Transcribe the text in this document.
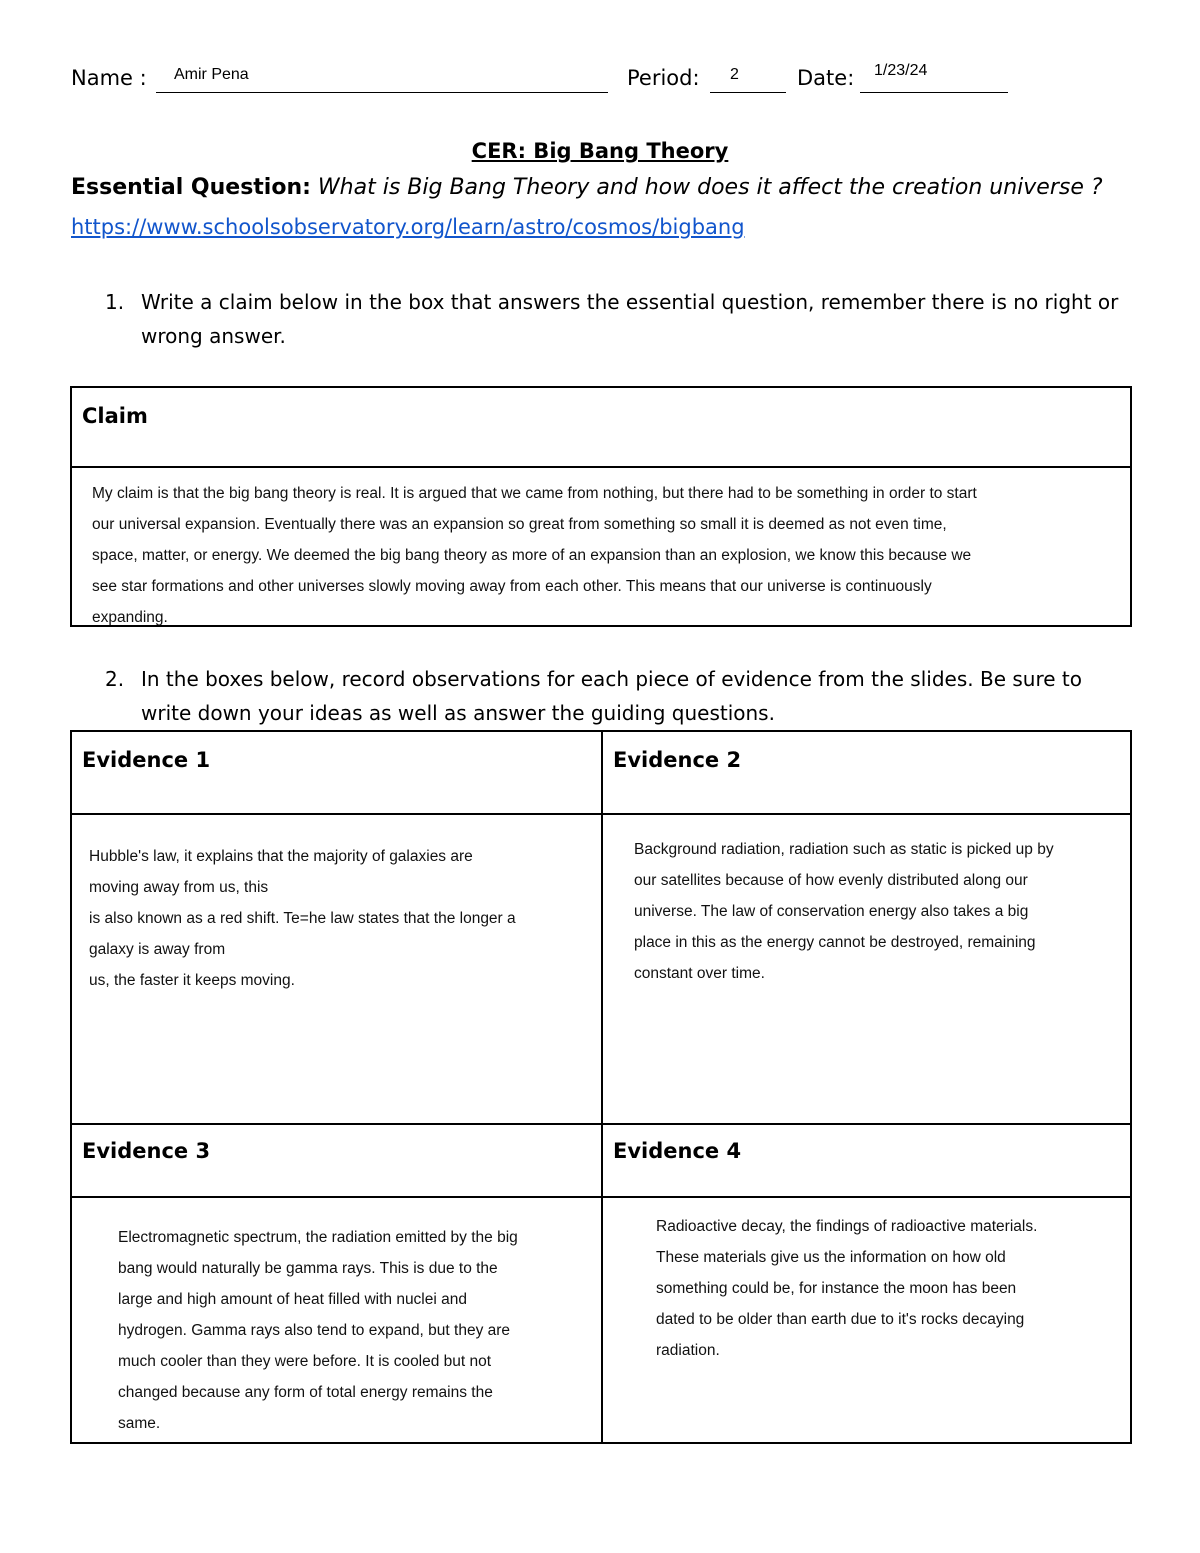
Name : Amir Pena	Period: 2	Date: 1/23/24
CER: Big Bang Theory
Essential Question: What is Big Bang Theory and how does it affect the creation universe ?
https://www.schoolsobservatory.org/learn/astro/cosmos/bigbang
1. Write a claim below in the box that answers the essential question, remember there is no right or
wrong answer.
Claim

My claim is that the big bang theory is real. It is argued that we came from nothing, but there had to be something in order to start

our universal expansion. Eventually there was an expansion so great from something so small it is deemed as not even time,

space, matter, or energy. We deemed the big bang theory as more of an expansion than an explosion, we know this because we

see star formations and other universes slowly moving away from each other. This means that our universe is continuously

expanding.

2. In the boxes below, record observations for each piece of evidence from the slides. Be sure to
write down your ideas as well as answer the guiding questions.
Evidence 1

Hubble's law, it explains that the majority of galaxies are

moving away from us, this

is also known as a red shift. Te=he law states that the longer a

galaxy is away from

us, the faster it keeps moving.

Evidence 2

Background radiation, radiation such as static is picked up by

our satellites because of how evenly distributed along our

universe. The law of conservation energy also takes a big

place in this as the energy cannot be destroyed, remaining

constant over time.

Evidence 3

Electromagnetic spectrum, the radiation emitted by the big

bang would naturally be gamma rays. This is due to the

large and high amount of heat filled with nuclei and

hydrogen. Gamma rays also tend to expand, but they are

much cooler than they were before. It is cooled but not

changed because any form of total energy remains the

same.

Evidence 4

Radioactive decay, the findings of radioactive materials.

These materials give us the information on how old

something could be, for instance the moon has been

dated to be older than earth due to it's rocks decaying

radiation.
